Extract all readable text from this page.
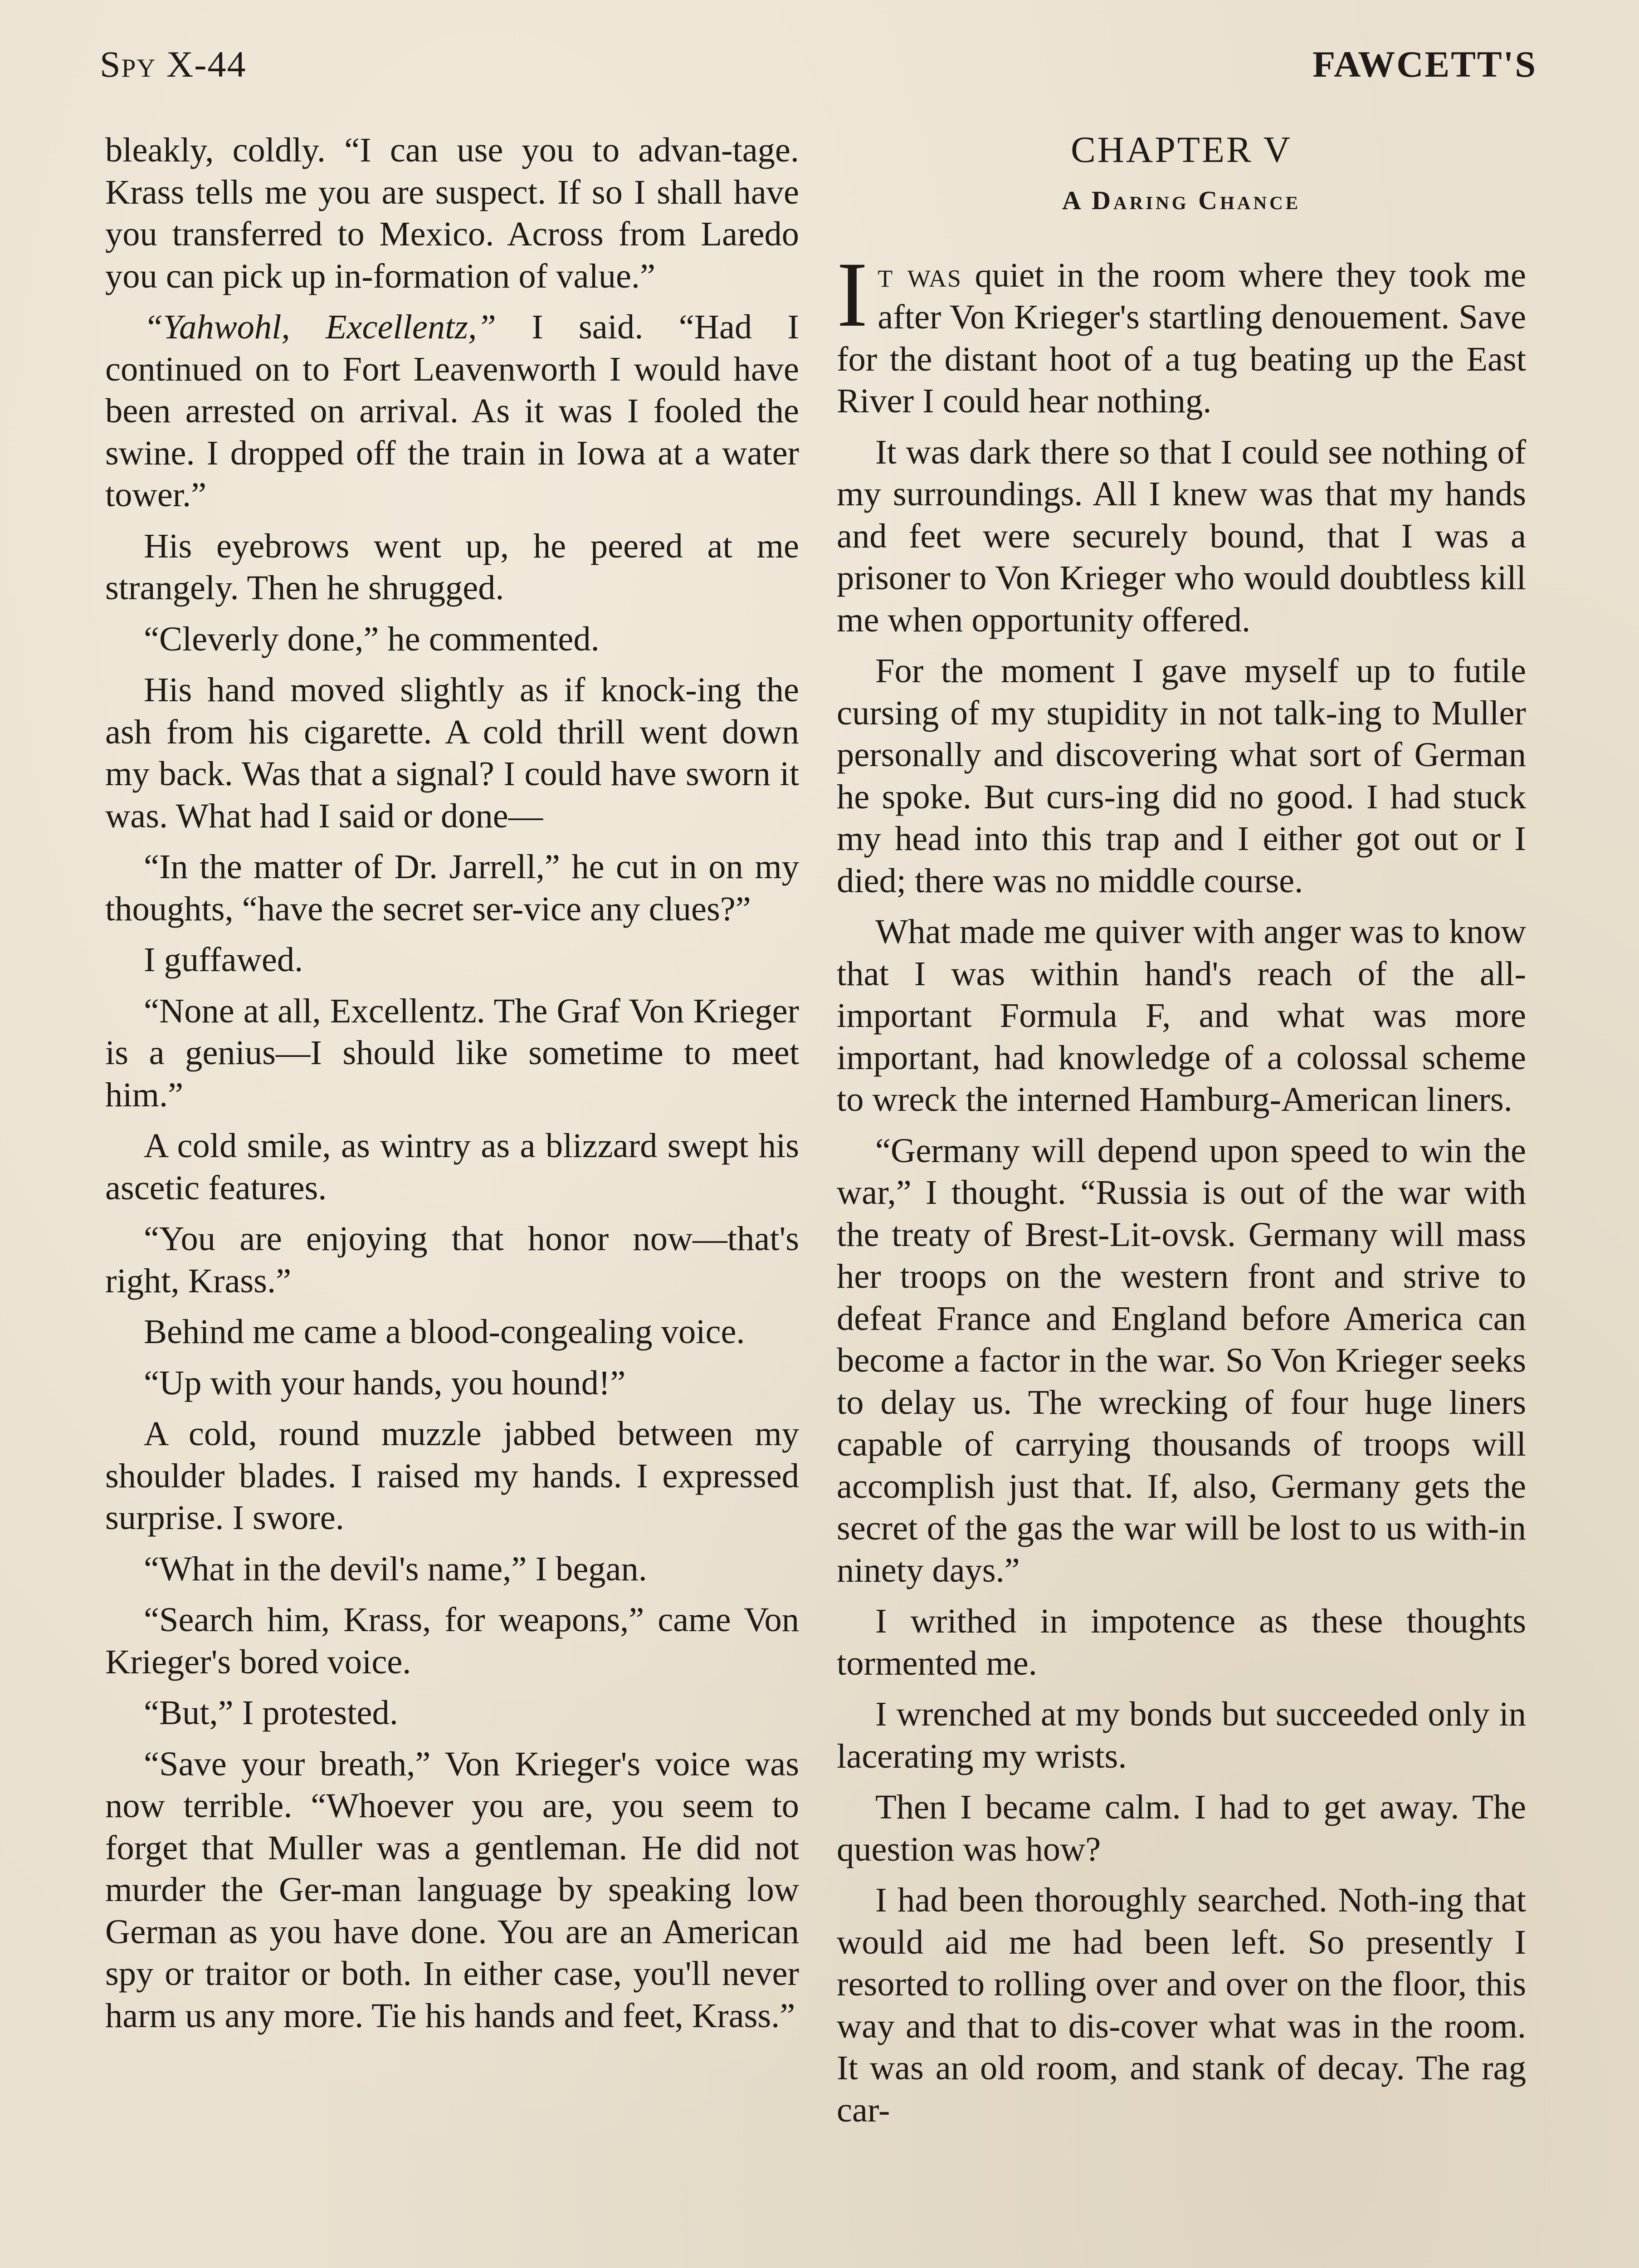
Spy X-44	FAWCETT'S

bleakly, coldly. “I can use you to advan-tage. Krass tells me you are suspect. If so I shall have you transferred to Mexico. Across from Laredo you can pick up in-formation of value.”

“Yahwohl, Excellentz,” I said. “Had I continued on to Fort Leavenworth I would have been arrested on arrival. As it was I fooled the swine. I dropped off the train in Iowa at a water tower.”

His eyebrows went up, he peered at me strangely. Then he shrugged.

“Cleverly done,” he commented.

His hand moved slightly as if knock-ing the ash from his cigarette. A cold thrill went down my back. Was that a signal? I could have sworn it was. What had I said or done—

“In the matter of Dr. Jarrell,” he cut in on my thoughts, “have the secret ser-vice any clues?”

I guffawed.

“None at all, Excellentz. The Graf Von Krieger is a genius—I should like sometime to meet him.”

A cold smile, as wintry as a blizzard swept his ascetic features.

“You are enjoying that honor now—that's right, Krass.”

Behind me came a blood-congealing voice.

“Up with your hands, you hound!”

A cold, round muzzle jabbed between my shoulder blades. I raised my hands. I expressed surprise. I swore.

“What in the devil's name,” I began.

“Search him, Krass, for weapons,” came Von Krieger's bored voice.

“But,” I protested.

“Save your breath,” Von Krieger's voice was now terrible. “Whoever you are, you seem to forget that Muller was a gentleman. He did not murder the Ger-man language by speaking low German as you have done. You are an American spy or traitor or both. In either case, you'll never harm us any more. Tie his hands and feet, Krass.”

CHAPTER V
A Daring Chance

It was quiet in the room where they took me after Von Krieger's startling denouement. Save for the distant hoot of a tug beating up the East River I could hear nothing.

It was dark there so that I could see nothing of my surroundings. All I knew was that my hands and feet were securely bound, that I was a prisoner to Von Krieger who would doubtless kill me when opportunity offered.

For the moment I gave myself up to futile cursing of my stupidity in not talk-ing to Muller personally and discovering what sort of German he spoke. But curs-ing did no good. I had stuck my head into this trap and I either got out or I died; there was no middle course.

What made me quiver with anger was to know that I was within hand's reach of the all-important Formula F, and what was more important, had knowledge of a colossal scheme to wreck the interned Hamburg-American liners.

“Germany will depend upon speed to win the war,” I thought. “Russia is out of the war with the treaty of Brest-Lit-ovsk. Germany will mass her troops on the western front and strive to defeat France and England before America can become a factor in the war. So Von Krieger seeks to delay us. The wrecking of four huge liners capable of carrying thousands of troops will accomplish just that. If, also, Germany gets the secret of the gas the war will be lost to us with-in ninety days.”

I writhed in impotence as these thoughts tormented me.

I wrenched at my bonds but succeeded only in lacerating my wrists.

Then I became calm. I had to get away. The question was how?

I had been thoroughly searched. Noth-ing that would aid me had been left. So presently I resorted to rolling over and over on the floor, this way and that to dis-cover what was in the room. It was an old room, and stank of decay. The rag car-
